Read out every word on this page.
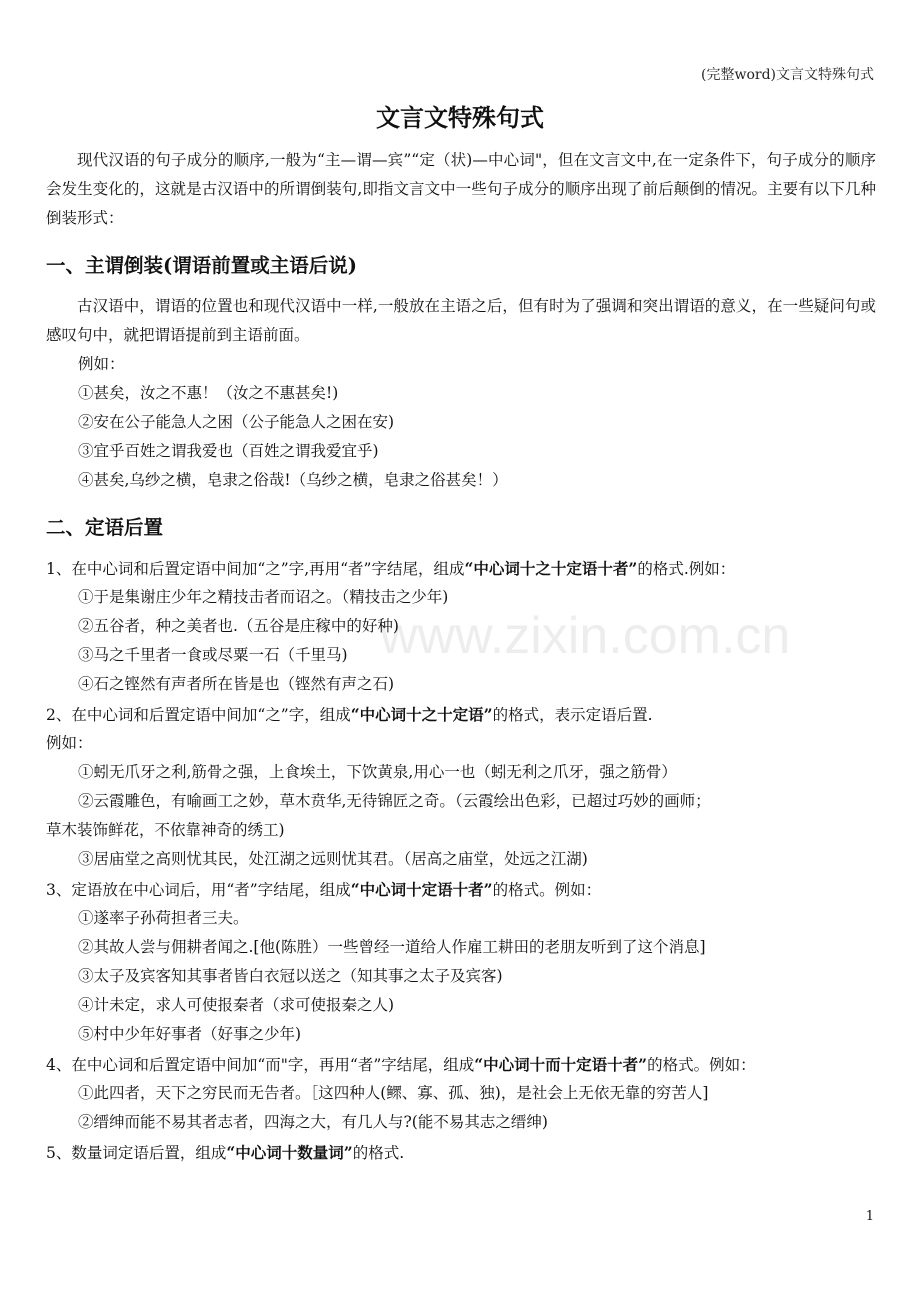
(完整word)文言文特殊句式
www.zixin.com.cn
文言文特殊句式
现代汉语的句子成分的顺序,一般为“主—谓—宾”“定（状)—中心词"，但在文言文中,在一定条件下，句子成分的顺序会发生变化的，这就是古汉语中的所谓倒装句,即指文言文中一些句子成分的顺序出现了前后颠倒的情况。主要有以下几种倒装形式：
一、主谓倒装(谓语前置或主语后说)
古汉语中，谓语的位置也和现代汉语中一样,一般放在主语之后，但有时为了强调和突出谓语的意义，在一些疑问句或感叹句中，就把谓语提前到主语前面。
例如：
①甚矣，汝之不惠！（汝之不惠甚矣!)
②安在公子能急人之困（公子能急人之困在安)
③宜乎百姓之谓我爱也（百姓之谓我爱宜乎)
④甚矣,乌纱之横，皂隶之俗哉!（乌纱之横，皂隶之俗甚矣！）
二、定语后置
1、在中心词和后置定语中间加“之”字,再用“者”字结尾，组成“中心词十之十定语十者”的格式.例如：
①于是集谢庄少年之精技击者而诏之。（精技击之少年)
②五谷者，种之美者也.（五谷是庄稼中的好种)
③马之千里者一食或尽粟一石（千里马)
④石之铿然有声者所在皆是也（铿然有声之石)
2、在中心词和后置定语中间加“之”字，组成“中心词十之十定语”的格式，表示定语后置.
例如：
①蚓无爪牙之利,筋骨之强，上食埃土，下饮黄泉,用心一也（蚓无利之爪牙，强之筋骨）
②云霞雕色，有喻画工之妙，草木贲华,无待锦匠之奇。（云霞绘出色彩，已超过巧妙的画师；
草木装饰鲜花，不依靠神奇的绣工)
③居庙堂之高则忧其民，处江湖之远则忧其君。（居高之庙堂，处远之江湖)
3、定语放在中心词后，用“者”字结尾，组成“中心词十定语十者”的格式。例如：
①遂率子孙荷担者三夫。
②其故人尝与佣耕者闻之.[他(陈胜）一些曾经一道给人作雇工耕田的老朋友听到了这个消息]
③太子及宾客知其事者皆白衣冠以送之（知其事之太子及宾客)
④计未定，求人可使报秦者（求可使报秦之人)
⑤村中少年好事者（好事之少年)
4、在中心词和后置定语中间加“而"字，再用“者”字结尾，组成“中心词十而十定语十者”的格式。例如：
①此四者，天下之穷民而无告者。［这四种人(鳏、寡、孤、独)，是社会上无依无靠的穷苦人]
②缙绅而能不易其者志者，四海之大，有几人与?(能不易其志之缙绅)
5、数量词定语后置，组成“中心词十数量词”的格式.
1
